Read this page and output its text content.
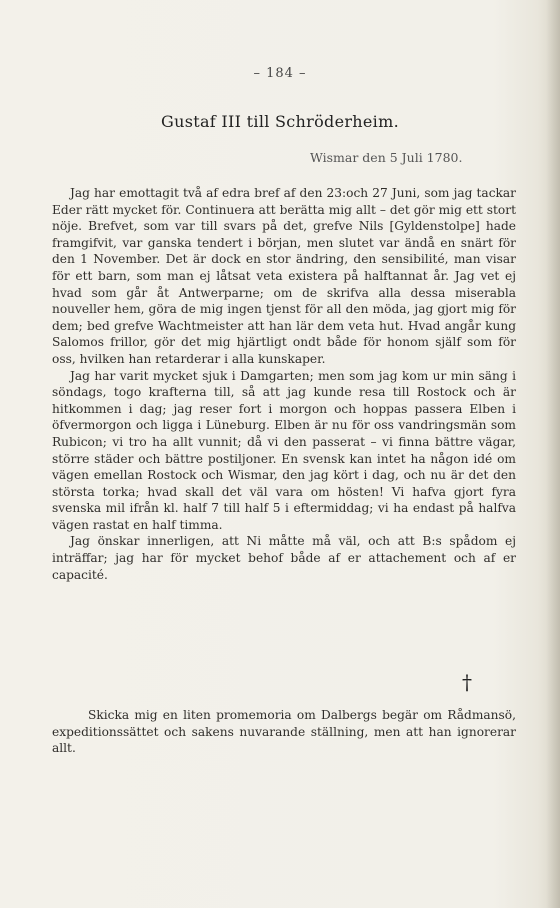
– 184 –
Gustaf III till Schröderheim.
Wismar den 5 Juli 1780.

Jag har emottagit två af edra bref af den 23:och 27 Juni, som jag tackar Eder rätt mycket för. Continuera att berätta mig allt – det gör mig ett stort nöje. Brefvet, som var till svars på det, grefve Nils [Gyldenstolpe] hade framgifvit, var ganska tendert i början, men slutet var ändå en snärt för den 1 November. Det är dock en stor ändring, den sensibilité, man visar för ett barn, som man ej låtsat veta existera på halftannat år. Jag vet ej hvad som går åt Antwerparne; om de skrifva alla dessa miserabla nouveller hem, göra de mig ingen tjenst för all den möda, jag gjort mig för dem; bed grefve Wachtmeister att han lär dem veta hut. Hvad angår kung Salomos frillor, gör det mig hjärtligt ondt både för honom själf som för oss, hvilken han retarderar i alla kunskaper.

Jag har varit mycket sjuk i Damgarten; men som jag kom ur min säng i söndags, togo krafterna till, så att jag kunde resa till Rostock och är hitkommen i dag; jag reser fort i morgon och hoppas passera Elben i öfvermorgon och ligga i Lüneburg. Elben är nu för oss vandringsmän som Rubicon; vi tro ha allt vunnit; då vi den passerat – vi finna bättre vägar, större städer och bättre postiljoner. En svensk kan intet ha någon idé om vägen emellan Rostock och Wismar, den jag kört i dag, och nu är det den största torka; hvad skall det väl vara om hösten! Vi hafva gjort fyra svenska mil ifrån kl. half 7 till half 5 i eftermiddag; vi ha endast på halfva vägen rastat en half timma.

Jag önskar innerligen, att Ni måtte må väl, och att B:s spådom ej inträffar; jag har för mycket behof både af er attachement och af er capacité.

†

Skicka mig en liten promemoria om Dalbergs begär om Rådmansö, expeditionssättet och sakens nuvarande ställning, men att han ignorerar allt.
